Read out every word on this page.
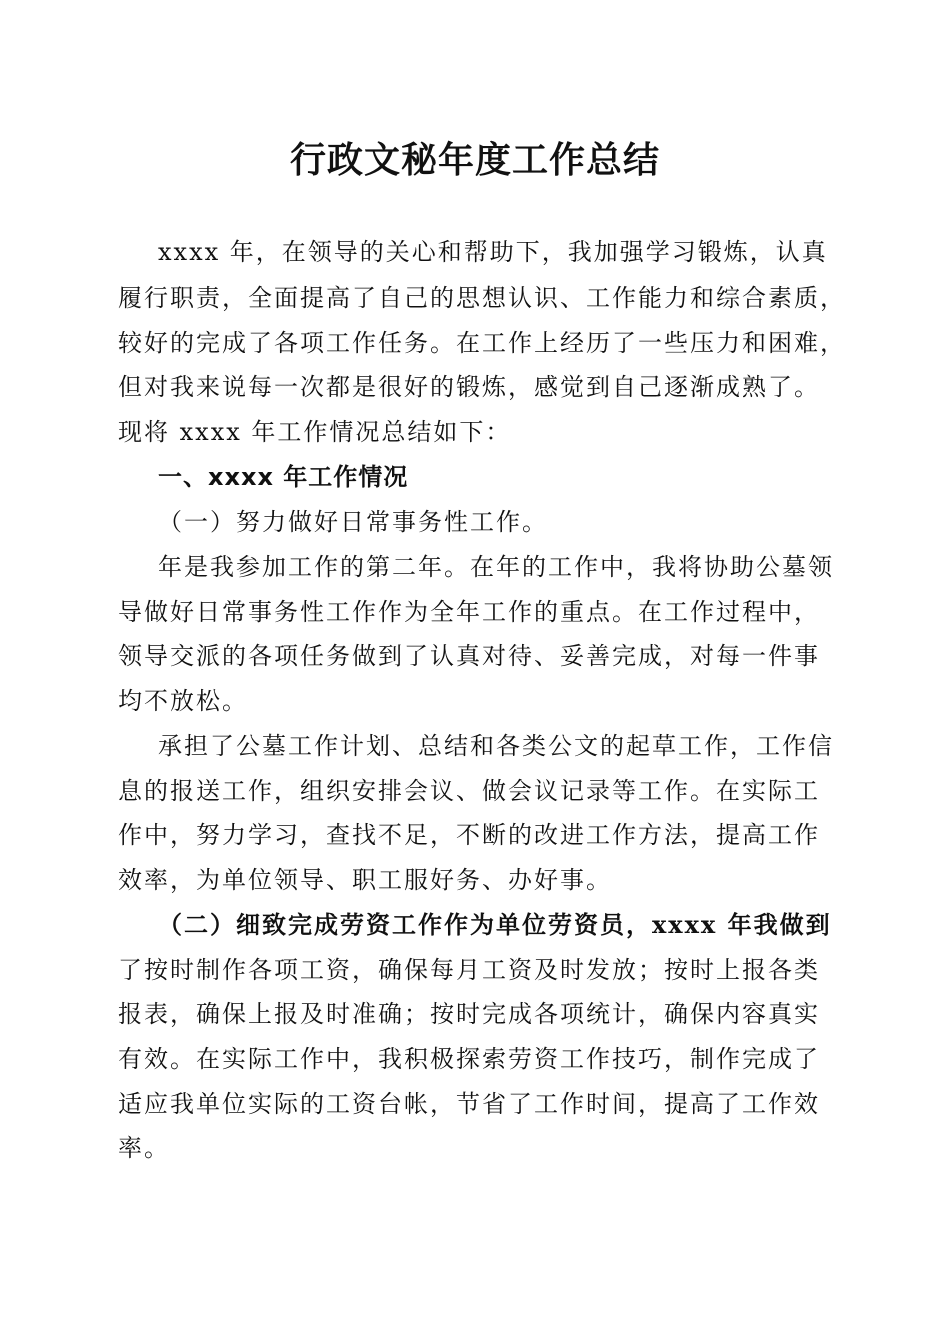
行政文秘年度工作总结
xxxx 年，在领导的关心和帮助下，我加强学习锻炼，认真
履行职责，全面提高了自己的思想认识、工作能力和综合素质，
较好的完成了各项工作任务。在工作上经历了一些压力和困难，
但对我来说每一次都是很好的锻炼，感觉到自己逐渐成熟了。
现将 xxxx 年工作情况总结如下：
一、xxxx 年工作情况
（一）努力做好日常事务性工作。
年是我参加工作的第二年。在年的工作中，我将协助公墓领
导做好日常事务性工作作为全年工作的重点。在工作过程中，
领导交派的各项任务做到了认真对待、妥善完成，对每一件事
均不放松。
承担了公墓工作计划、总结和各类公文的起草工作，工作信
息的报送工作，组织安排会议、做会议记录等工作。在实际工
作中，努力学习，查找不足，不断的改进工作方法，提高工作
效率，为单位领导、职工服好务、办好事。
（二）细致完成劳资工作作为单位劳资员，xxxx 年我做到
了按时制作各项工资，确保每月工资及时发放；按时上报各类
报表，确保上报及时准确；按时完成各项统计，确保内容真实
有效。在实际工作中，我积极探索劳资工作技巧，制作完成了
适应我单位实际的工资台帐，节省了工作时间，提高了工作效
率。
